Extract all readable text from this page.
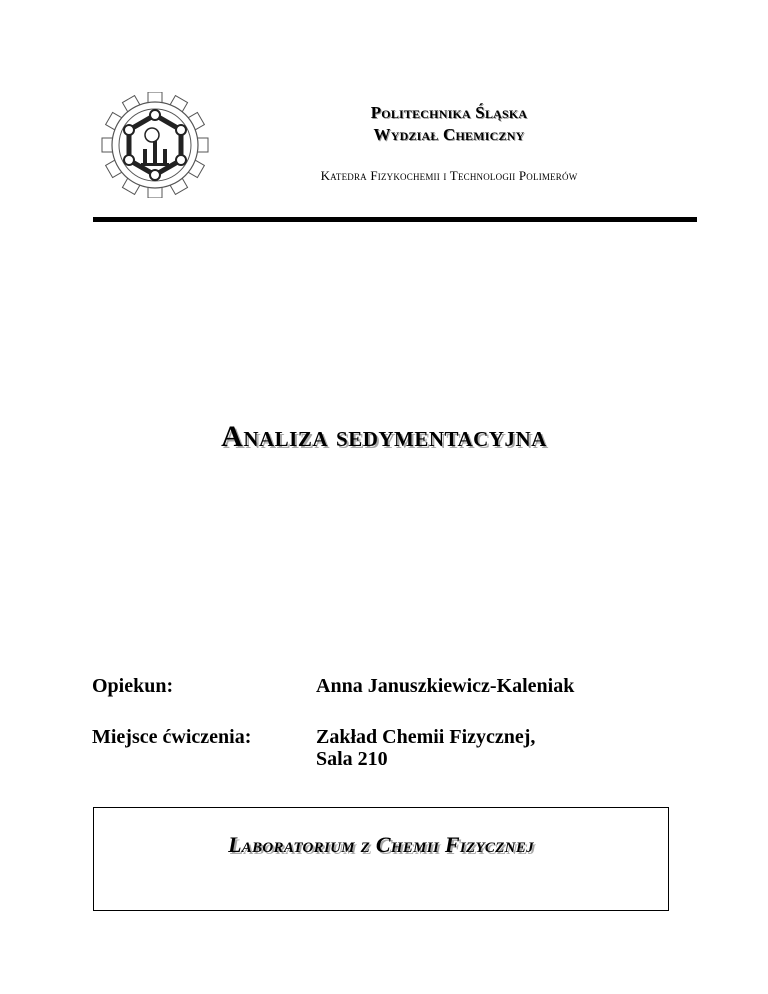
Politechnika Śląska
Wydział Chemiczny
Katedra Fizykochemii i Technologii Polimerów
Analiza sedymentacyjna
Opiekun:	Anna Januszkiewicz-Kaleniak
Miejsce ćwiczenia:	Zakład Chemii Fizycznej,
Sala 210
Laboratorium z Chemii Fizycznej
